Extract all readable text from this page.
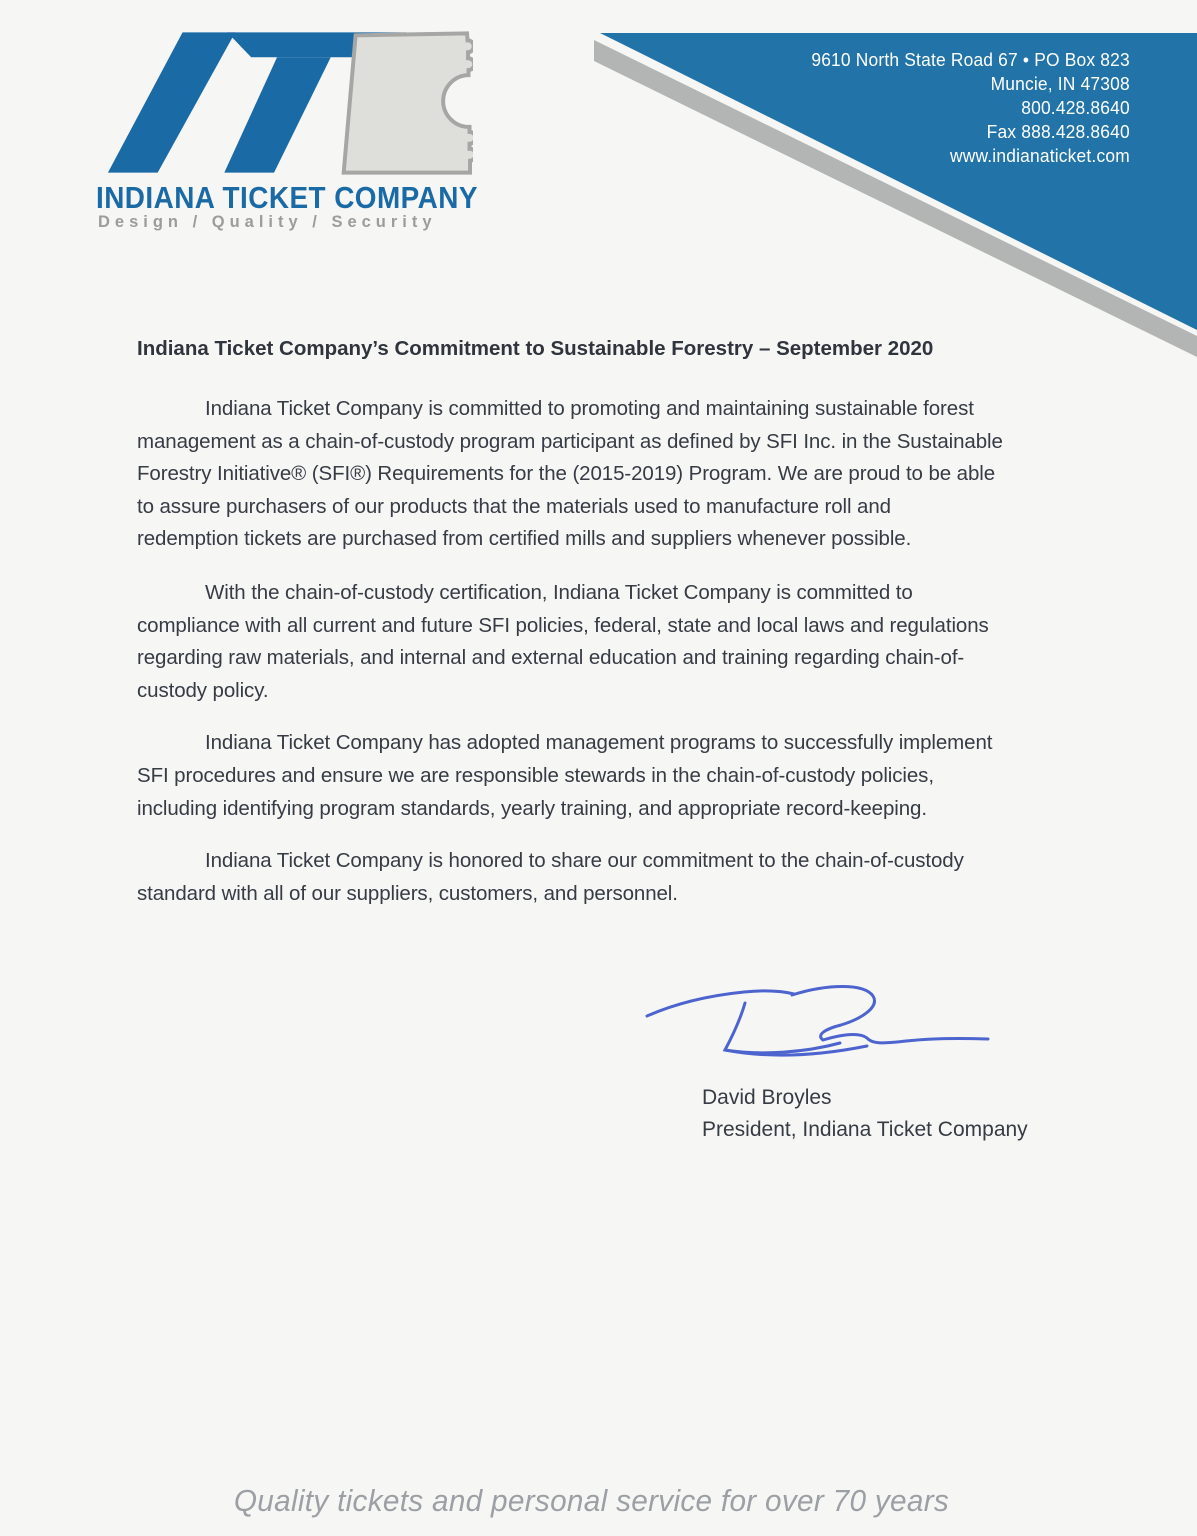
9610 North State Road 67 • PO Box 823
Muncie, IN 47308
800.428.8640
Fax 888.428.8640
www.indianaticket.com
INDIANA TICKET COMPANY
Design / Quality / Security
Indiana Ticket Company’s Commitment to Sustainable Forestry – September 2020
Indiana Ticket Company is committed to promoting and maintaining sustainable forest
management as a chain-of-custody program participant as defined by SFI Inc. in the Sustainable
Forestry Initiative® (SFI®) Requirements for the (2015-2019) Program. We are proud to be able
to assure purchasers of our products that the materials used to manufacture roll and
redemption tickets are purchased from certified mills and suppliers whenever possible.
With the chain-of-custody certification, Indiana Ticket Company is committed to
compliance with all current and future SFI policies, federal, state and local laws and regulations
regarding raw materials, and internal and external education and training regarding chain-of-
custody policy.
Indiana Ticket Company has adopted management programs to successfully implement
SFI procedures and ensure we are responsible stewards in the chain-of-custody policies,
including identifying program standards, yearly training, and appropriate record-keeping.
Indiana Ticket Company is honored to share our commitment to the chain-of-custody
standard with all of our suppliers, customers, and personnel.
David Broyles
President, Indiana Ticket Company
Quality tickets and personal service for over 70 years
